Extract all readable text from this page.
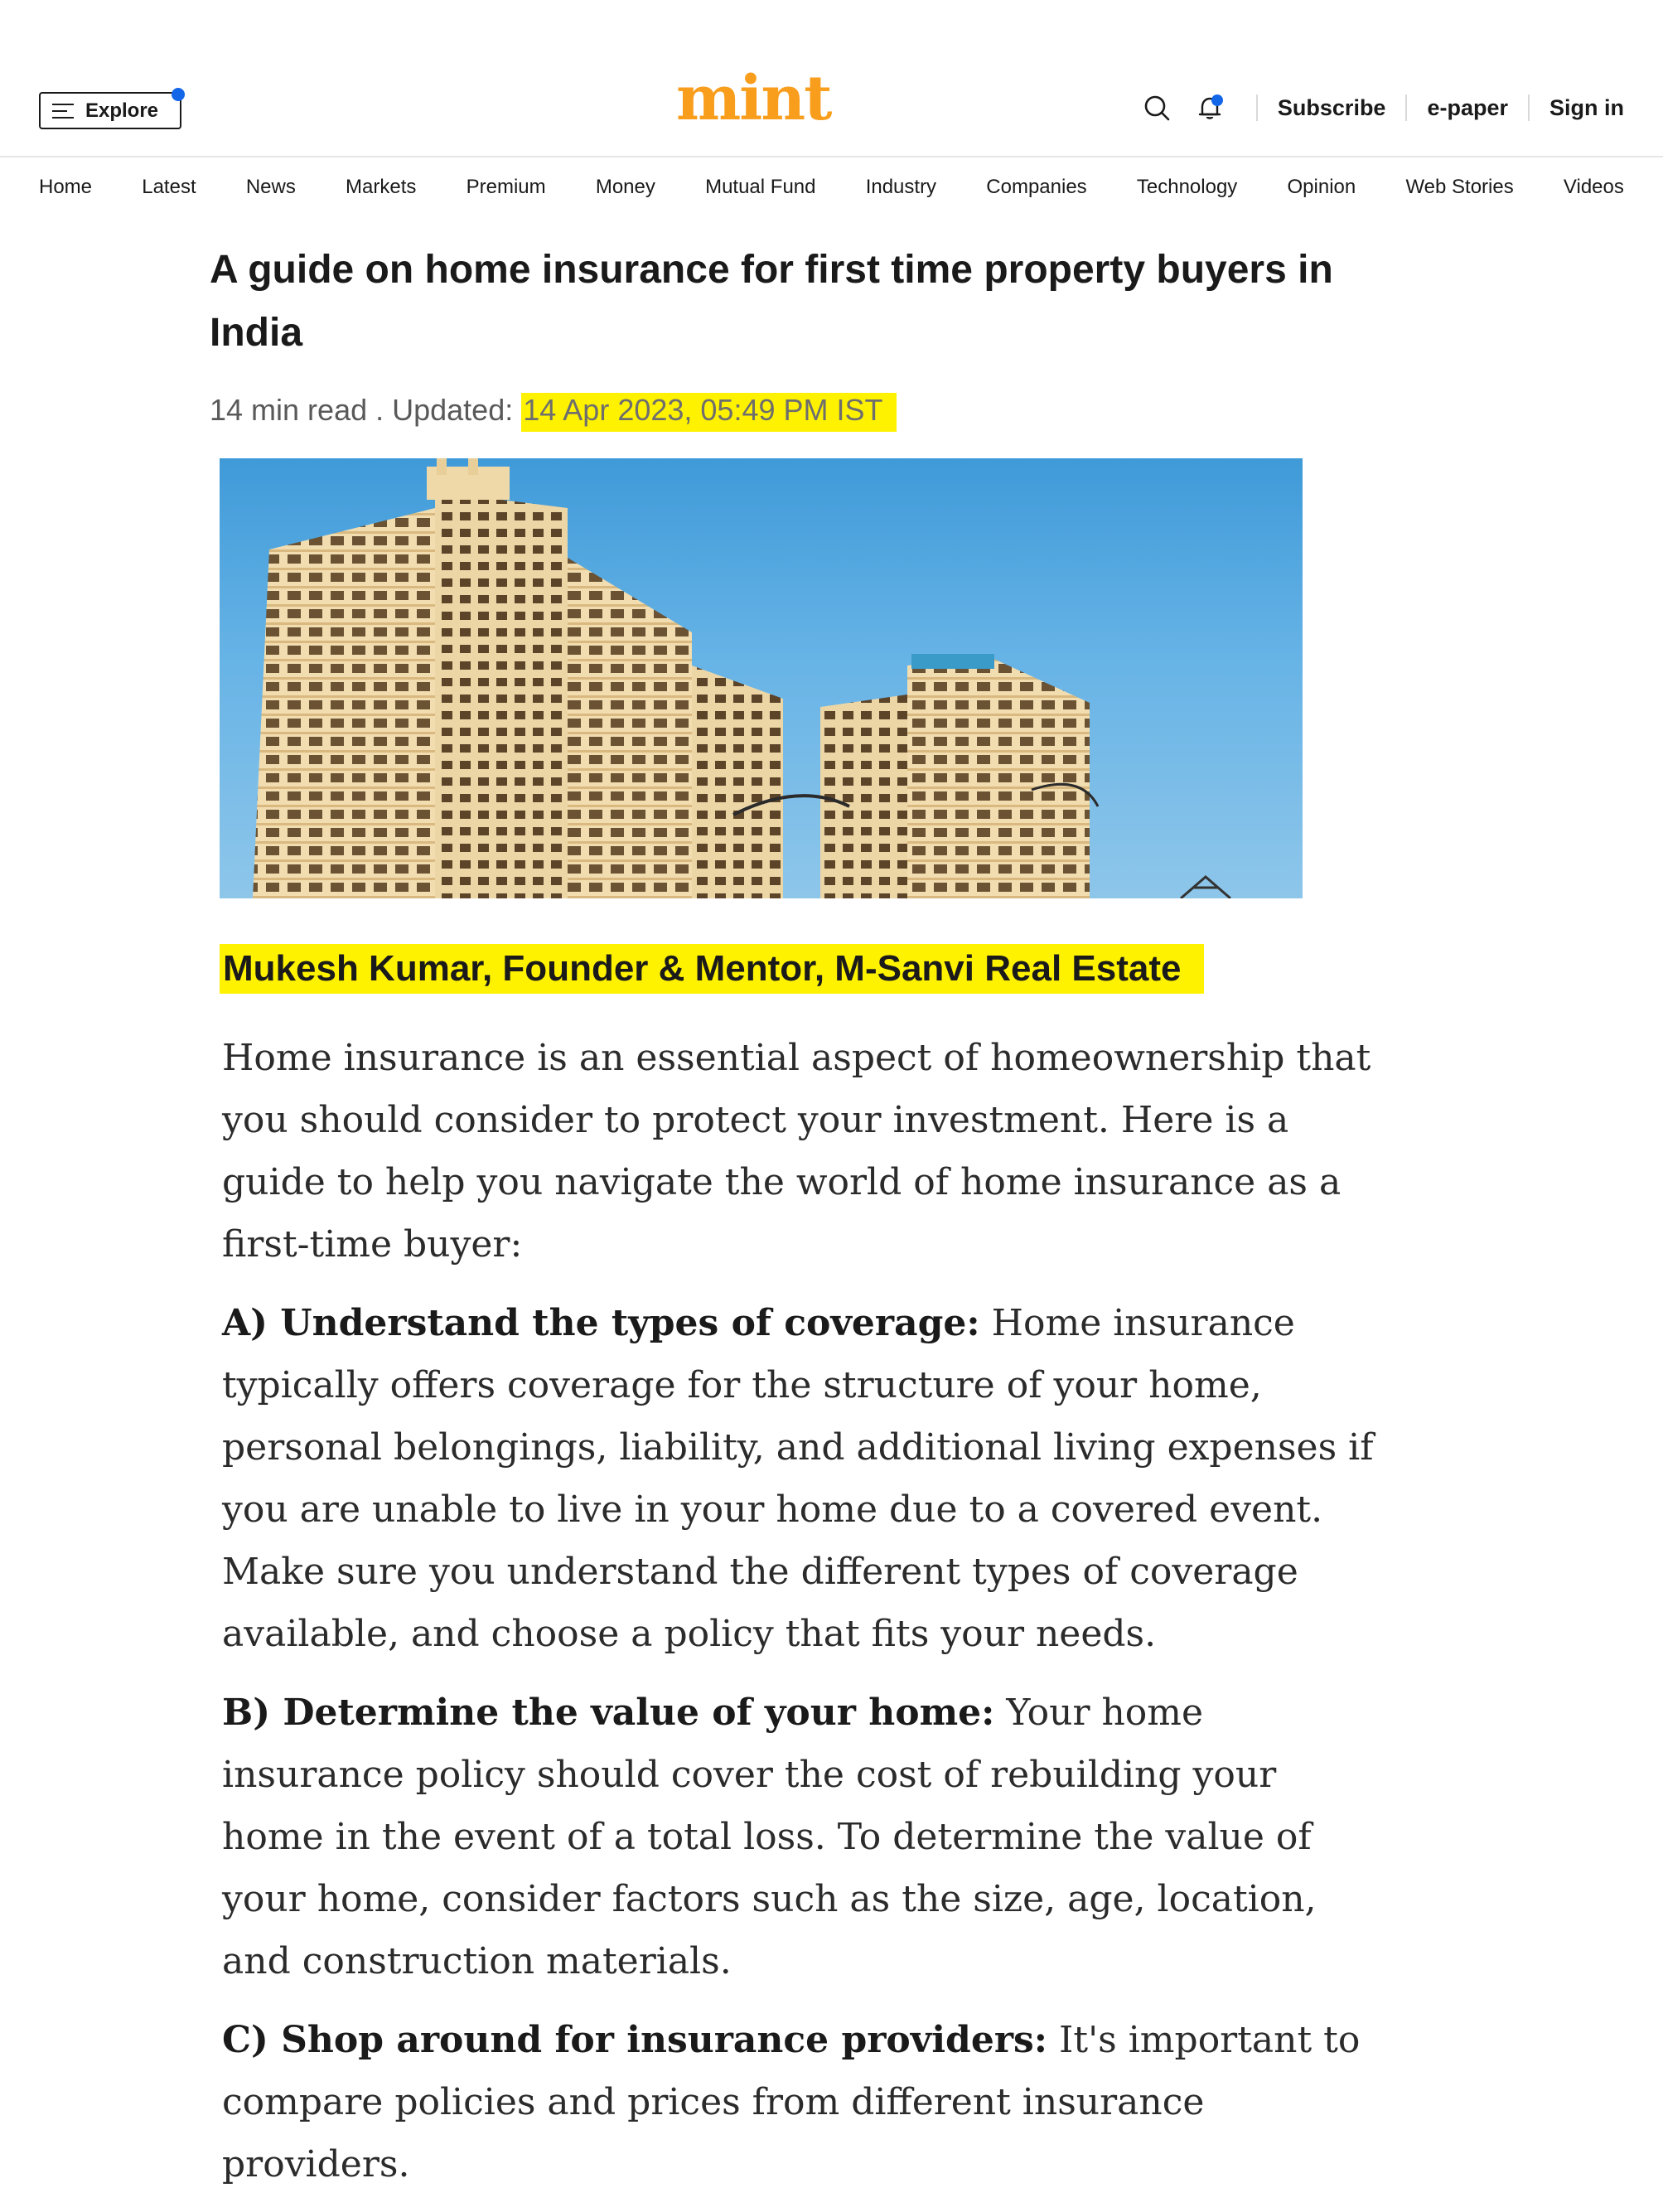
Explore	mint	Subscribe e-paper Sign in
Home	Latest	News	Markets	Premium	Money	Mutual Fund	Industry	Companies	Technology	Opinion	Web Stories	Videos
A guide on home insurance for first time property buyers in India
14 min read . Updated: 14 Apr 2023, 05:49 PM IST
Mukesh Kumar, Founder & Mentor, M-Sanvi Real Estate

Home insurance is an essential aspect of homeownership that you should consider to protect your investment. Here is a guide to help you navigate the world of home insurance as a first-time buyer:

A) Understand the types of coverage: Home insurance typically offers coverage for the structure of your home, personal belongings, liability, and additional living expenses if you are unable to live in your home due to a covered event. Make sure you understand the different types of coverage available, and choose a policy that fits your needs.

B) Determine the value of your home: Your home insurance policy should cover the cost of rebuilding your home in the event of a total loss. To determine the value of your home, consider factors such as the size, age, location, and construction materials.

C) Shop around for insurance providers: It's important to compare policies and prices from different insurance providers.
